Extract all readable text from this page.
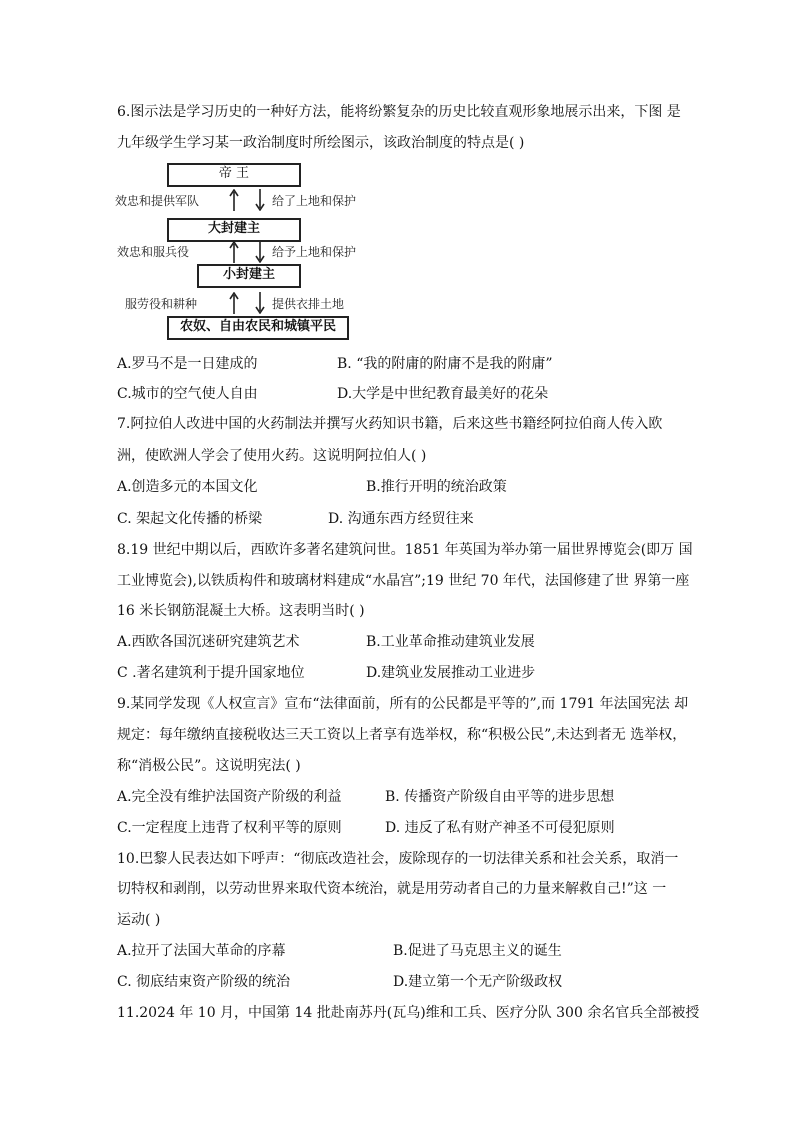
6.图示法是学习历史的一种好方法，能将纷繁复杂的历史比较直观形象地展示出来，下图 是
九年级学生学习某一政治制度时所绘图示，该政治制度的特点是( )
帝 王
大封建主
小封建主
农奴、自由农民和城镇平民
效忠和提供军队	给了上地和保护
效忠和服兵役	给予上地和保护
服劳役和耕种	提供衣排土地
A.罗马不是一日建成的	B. “我的附庸的附庸不是我的附庸”
C.城市的空气使人自由	D.大学是中世纪教育最美好的花朵
7.阿拉伯人改进中国的火药制法并撰写火药知识书籍，后来这些书籍经阿拉伯商人传入欧
洲，使欧洲人学会了使用火药。这说明阿拉伯人( )
A.创造多元的本国文化	B.推行开明的统治政策
C. 架起文化传播的桥梁	D. 沟通东西方经贸往来
8.19 世纪中期以后，西欧许多著名建筑问世。1851 年英国为举办第一届世界博览会(即万 国
工业博览会),以铁质构件和玻璃材料建成“水晶宫”;19 世纪 70 年代，法国修建了世 界第一座
16 米长钢筋混凝土大桥。这表明当时( )
A.西欧各国沉迷研究建筑艺术	B.工业革命推动建筑业发展
C .著名建筑利于提升国家地位	D.建筑业发展推动工业进步
9.某同学发现《人权宣言》宣布“法律面前，所有的公民都是平等的”,而 1791 年法国宪法 却
规定：每年缴纳直接税收达三天工资以上者享有选举权，称“积极公民”,未达到者无 选举权，
称“消极公民”。这说明宪法( )
A.完全没有维护法国资产阶级的利益	B. 传播资产阶级自由平等的进步思想
C.一定程度上违背了权利平等的原则	D. 违反了私有财产神圣不可侵犯原则
10.巴黎人民表达如下呼声：“彻底改造社会，废除现存的一切法律关系和社会关系，取消一
切特权和剥削，以劳动世界来取代资本统治，就是用劳动者自己的力量来解救自己!”这 一
运动( )
A.拉开了法国大革命的序幕	B.促进了马克思主义的诞生
C. 彻底结束资产阶级的统治	D.建立第一个无产阶级政权
11.2024 年 10 月，中国第 14 批赴南苏丹(瓦乌)维和工兵、医疗分队 300 余名官兵全部被授
